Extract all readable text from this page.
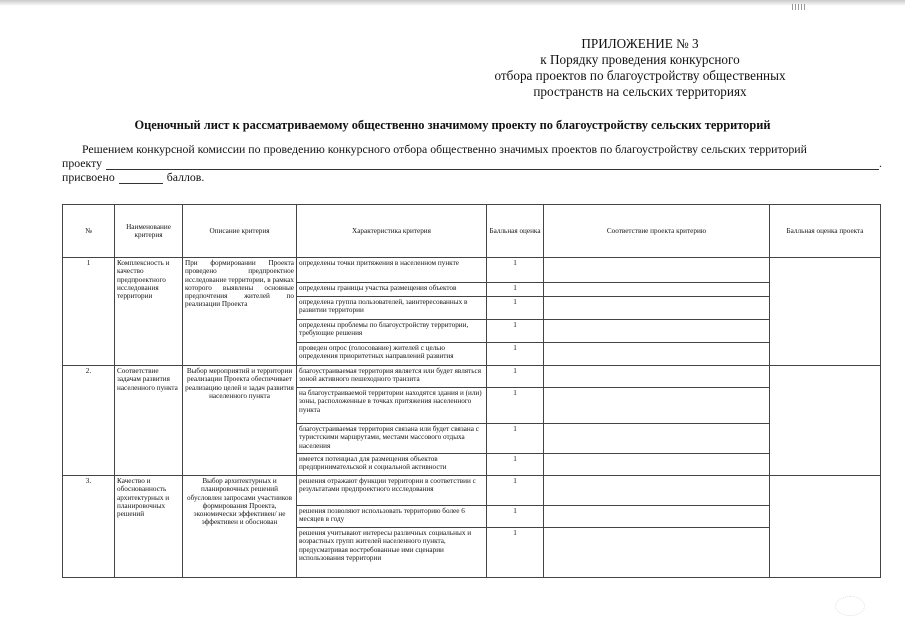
ПРИЛОЖЕНИЕ № 3
к Порядку проведения конкурсного
отбора проектов по благоустройству общественных
пространств на сельских территориях
Оценочный лист к рассматриваемому общественно значимому проекту по благоустройству сельских территорий
Решением конкурсной комиссии по проведению конкурсного отбора общественно значимых проектов по благоустройству сельских территорий
проекту	.
присвоено	баллов.
№	Наименование критерия	Описание критерия	Характеристика критерия	Балльная оценка	Соответствие проекта критерию	Балльная оценка проекта
1	Комплексность и качество предпроектного исследования территории	При формировании Проекта проведено предпроектное исследование территории, в рамках которого выявлены основные предпочтения жителей по реализации Проекта	определены точки притяжения в населенном пункте	1		
			определены границы участка размещения объектов	1		
			определена группа пользователей, заинтересованных в развитии территории	1		
			определены проблемы по благоустройству территории, требующие решения	1		
			проведен опрос (голосование) жителей с целью определения приоритетных направлений развития	1		
2.	Соответствие задачам развития населенного пункта	Выбор мероприятий и территории реализации Проекта обеспечивает реализацию целей и задач развития населенного пункта	благоустраиваемая территория является или будет являться зоной активного пешеходного транзита	1		
			на благоустраиваемой территории находятся здания и (или) зоны, расположенные в точках притяжения населенного пункта	1		
			благоустраиваемая территория связана или будет связана с туристскими маршрутами, местами массового отдыха населения	1		
			имеется потенциал для размещения объектов предпринимательской и социальной активности	1		
3.	Качество и обоснованность архитектурных и планировочных решений	Выбор архитектурных и планировочных решений обусловлен запросами участников формирования Проекта, экономически эффективен/ не эффективен и обоснован	решения отражают функции территории в соответствии с результатами предпроектного исследования	1		
			решения позволяют использовать территорию более 6 месяцев в году	1		
			решения учитывают интересы различных социальных и возрастных групп жителей населенного пункта, предусматривая востребованные ими сценарии использования территории	1		
